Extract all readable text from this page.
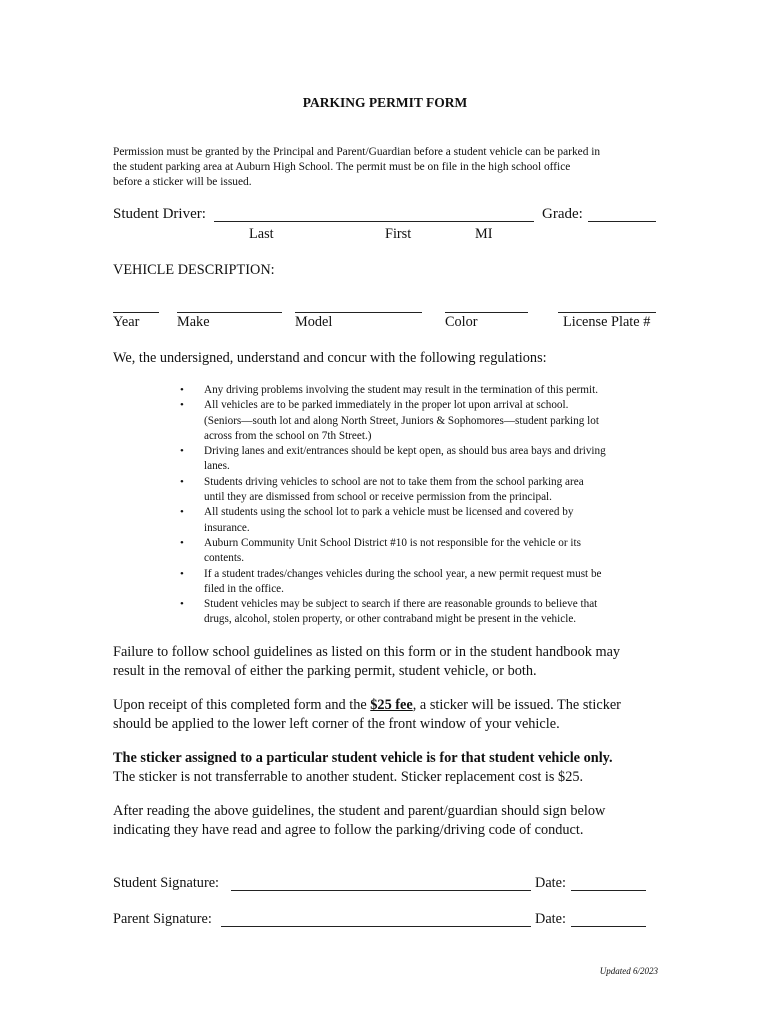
PARKING PERMIT FORM
Permission must be granted by the Principal and Parent/Guardian before a student vehicle can be parked in
the student parking area at Auburn High School. The permit must be on file in the high school office
before a sticker will be issued.
Student Driver:	Grade:
Last	First	MI
VEHICLE DESCRIPTION:
Year	Make	Model	Color	License Plate #
We, the undersigned, understand and concur with the following regulations:
• Any driving problems involving the student may result in the termination of this permit.
• All vehicles are to be parked immediately in the proper lot upon arrival at school.
(Seniors—south lot and along North Street, Juniors & Sophomores—student parking lot
across from the school on 7th Street.)
• Driving lanes and exit/entrances should be kept open, as should bus area bays and driving
lanes.
• Students driving vehicles to school are not to take them from the school parking area
until they are dismissed from school or receive permission from the principal.
• All students using the school lot to park a vehicle must be licensed and covered by
insurance.
• Auburn Community Unit School District #10 is not responsible for the vehicle or its
contents.
• If a student trades/changes vehicles during the school year, a new permit request must be
filed in the office.
• Student vehicles may be subject to search if there are reasonable grounds to believe that
drugs, alcohol, stolen property, or other contraband might be present in the vehicle.
Failure to follow school guidelines as listed on this form or in the student handbook may
result in the removal of either the parking permit, student vehicle, or both.
Upon receipt of this completed form and the $25 fee, a sticker will be issued. The sticker
should be applied to the lower left corner of the front window of your vehicle.
The sticker assigned to a particular student vehicle is for that student vehicle only.
The sticker is not transferrable to another student. Sticker replacement cost is $25.
After reading the above guidelines, the student and parent/guardian should sign below
indicating they have read and agree to follow the parking/driving code of conduct.
Student Signature:	Date:
Parent Signature:	Date:
Updated 6/2023
